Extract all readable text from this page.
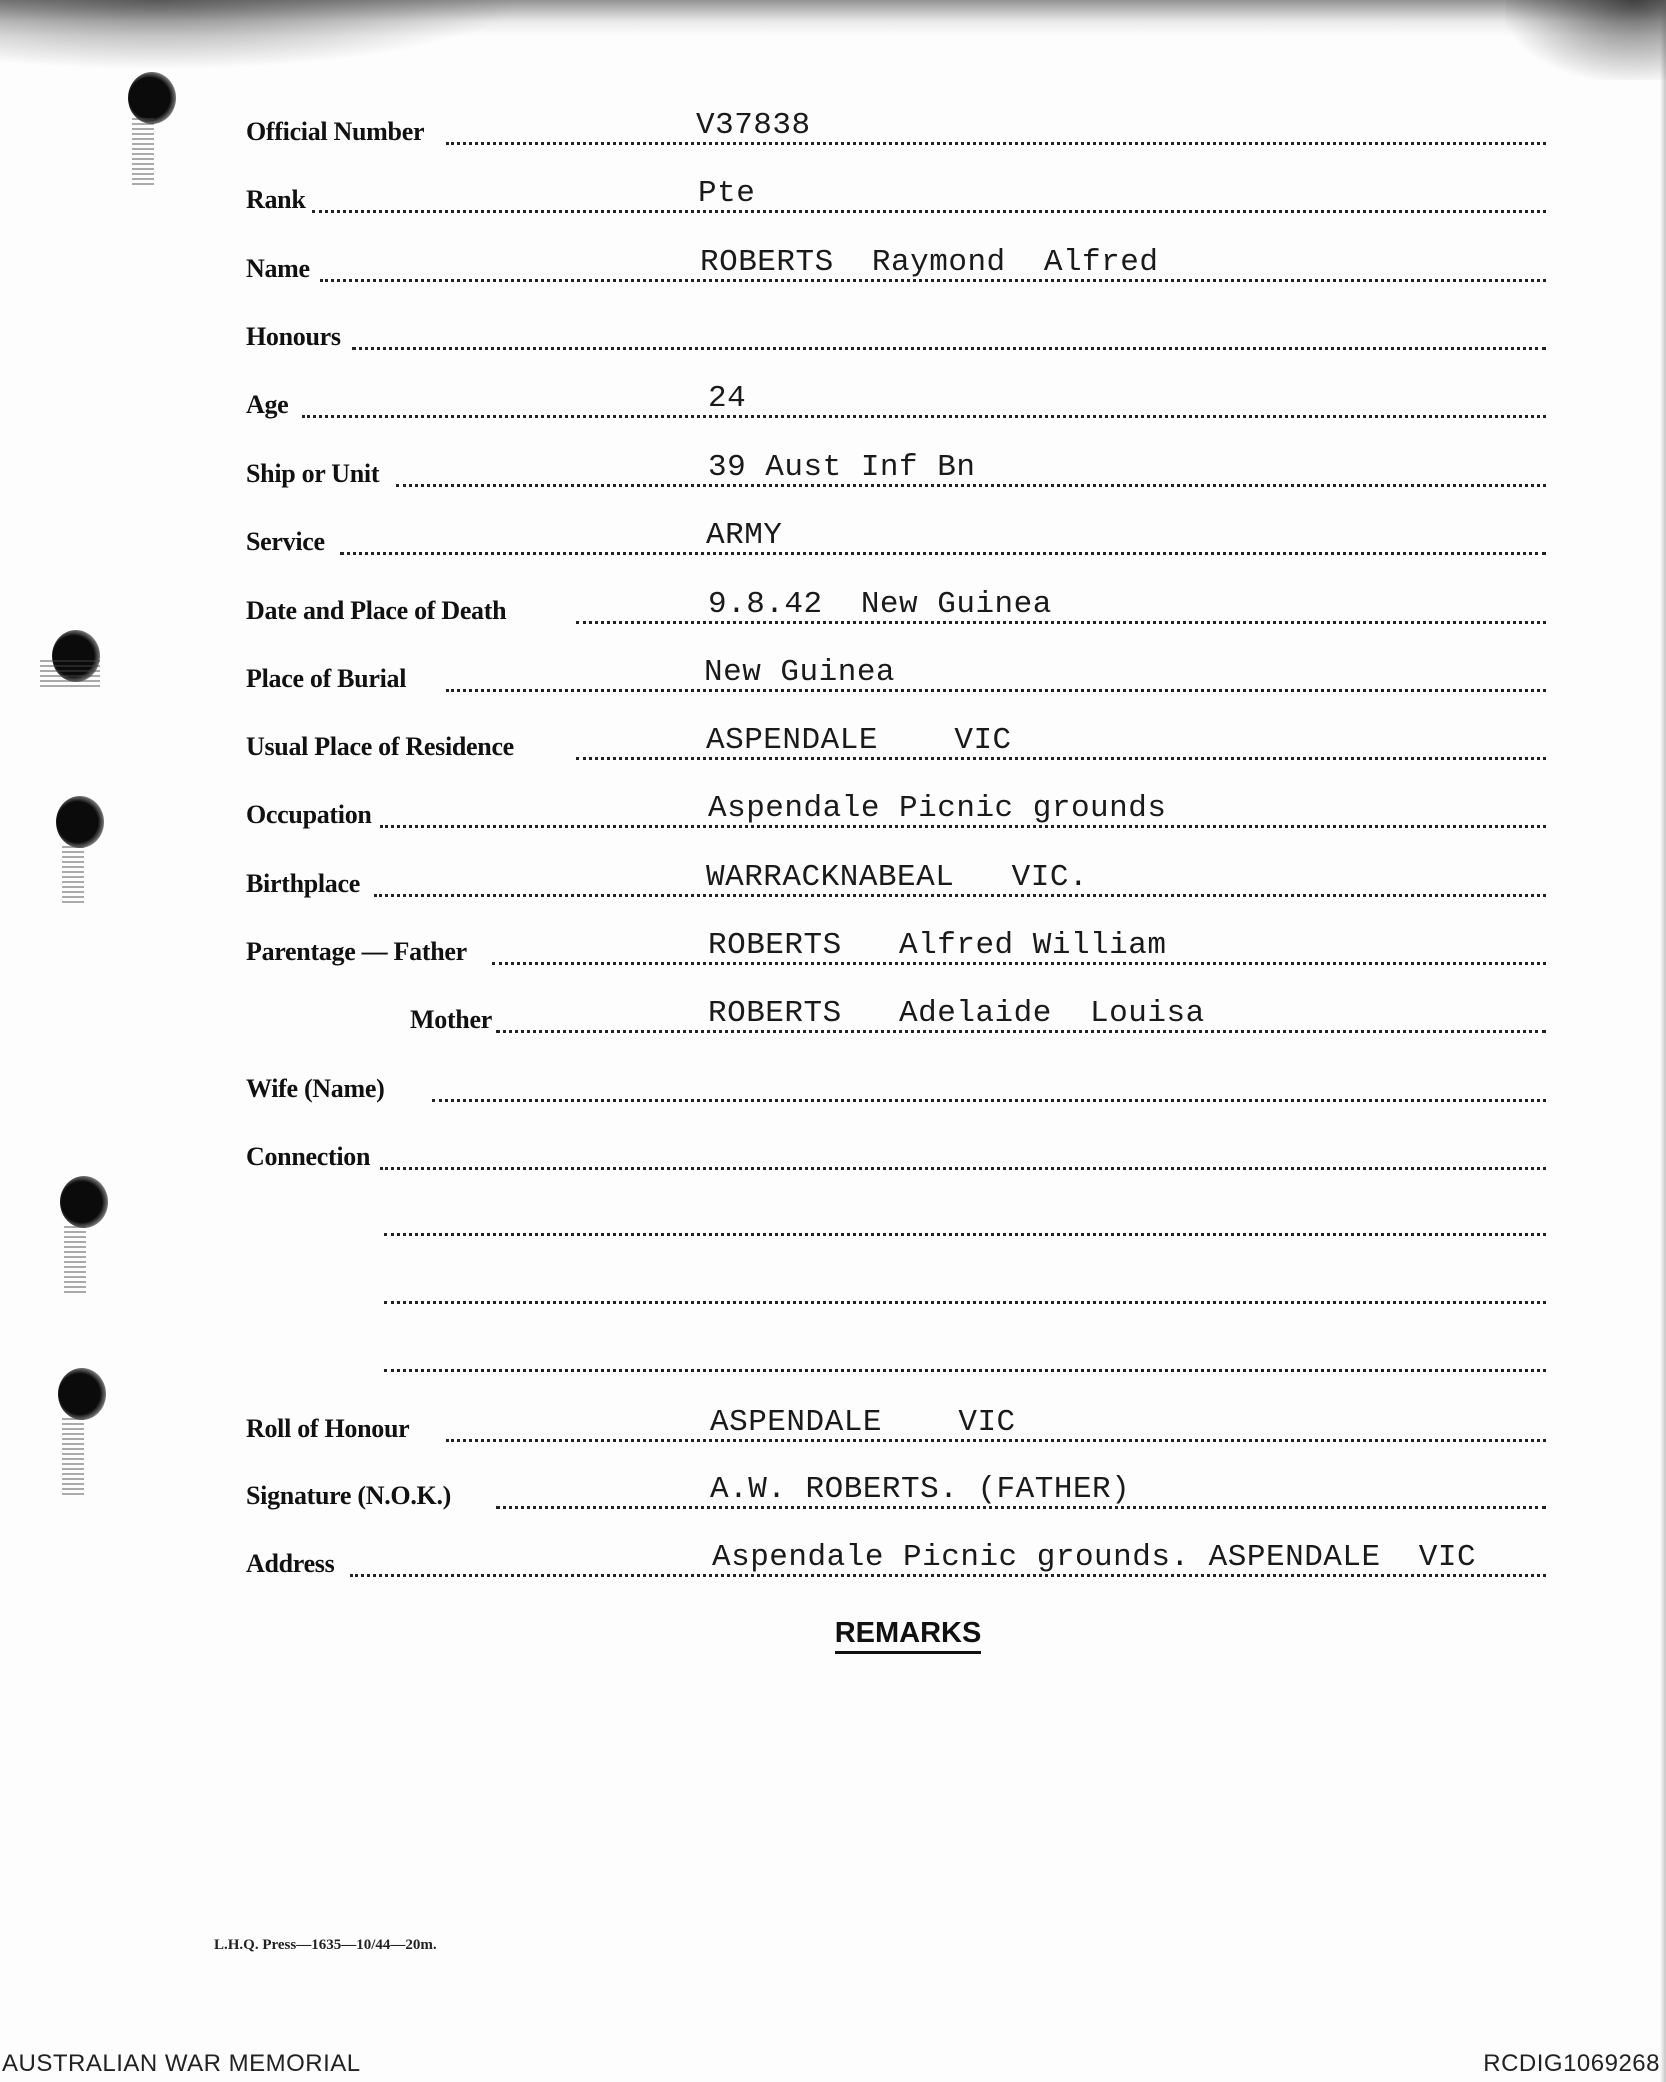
Official Number	V37838
Rank	Pte
Name	ROBERTS  Raymond  Alfred
Honours
Age	24
Ship or Unit	39 Aust Inf Bn
Service	ARMY
Date and Place of Death	9.8.42  New Guinea
Place of Burial	New Guinea
Usual Place of Residence	ASPENDALE    VIC
Occupation	Aspendale Picnic grounds
Birthplace	WARRACKNABEAL   VIC.
Parentage — Father	ROBERTS   Alfred William
Mother	ROBERTS   Adelaide  Louisa
Wife (Name)
Connection
Roll of Honour	ASPENDALE    VIC
Signature (N.O.K.)	A.W. ROBERTS. (FATHER)
Address	Aspendale Picnic grounds. ASPENDALE  VIC
REMARKS
L.H.Q. Press—1635—10/44—20m.
AUSTRALIAN WAR MEMORIAL	RCDIG1069268
